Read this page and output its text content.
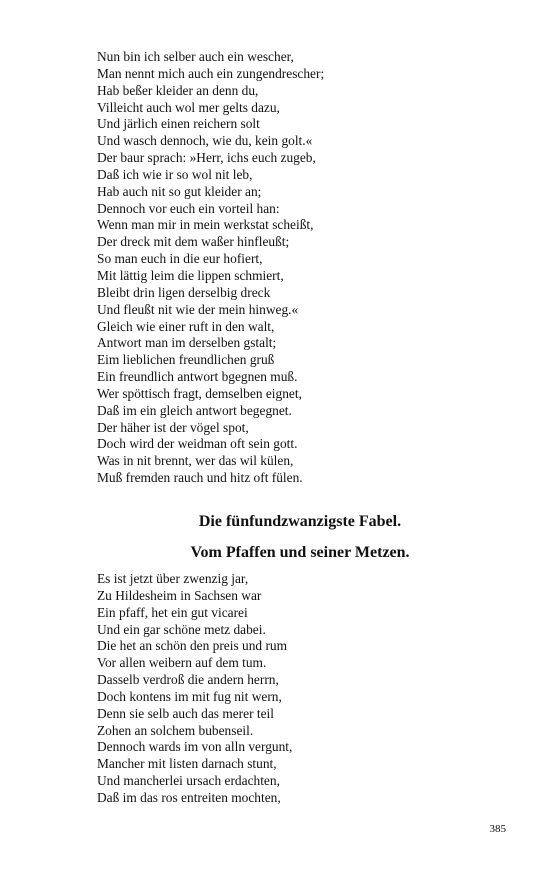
Nun bin ich selber auch ein wescher,
Man nennt mich auch ein zungendrescher;
Hab beßer kleider an denn du,
Villeicht auch wol mer gelts dazu,
Und järlich einen reichern solt
Und wasch dennoch, wie du, kein golt.«
Der baur sprach: »Herr, ichs euch zugeb,
Daß ich wie ir so wol nit leb,
Hab auch nit so gut kleider an;
Dennoch vor euch ein vorteil han:
Wenn man mir in mein werkstat scheißt,
Der dreck mit dem waßer hinfleußt;
So man euch in die eur hofiert,
Mit lättig leim die lippen schmiert,
Bleibt drin ligen derselbig dreck
Und fleußt nit wie der mein hinweg.«
Gleich wie einer ruft in den walt,
Antwort man im derselben gstalt;
Eim lieblichen freundlichen gruß
Ein freundlich antwort bgegnen muß.
Wer spöttisch fragt, demselben eignet,
Daß im ein gleich antwort begegnet.
Der häher ist der vögel spot,
Doch wird der weidman oft sein gott.
Was in nit brennt, wer das wil külen,
Muß fremden rauch und hitz oft fülen.
Die fünfundzwanzigste Fabel.
Vom Pfaffen und seiner Metzen.
Es ist jetzt über zwenzig jar,
Zu Hildesheim in Sachsen war
Ein pfaff, het ein gut vicarei
Und ein gar schöne metz dabei.
Die het an schön den preis und rum
Vor allen weibern auf dem tum.
Dasselb verdroß die andern herrn,
Doch kontens im mit fug nit wern,
Denn sie selb auch das merer teil
Zohen an solchem bubenseil.
Dennoch wards im von alln vergunt,
Mancher mit listen darnach stunt,
Und mancherlei ursach erdachten,
Daß im das ros entreiten mochten,
385
